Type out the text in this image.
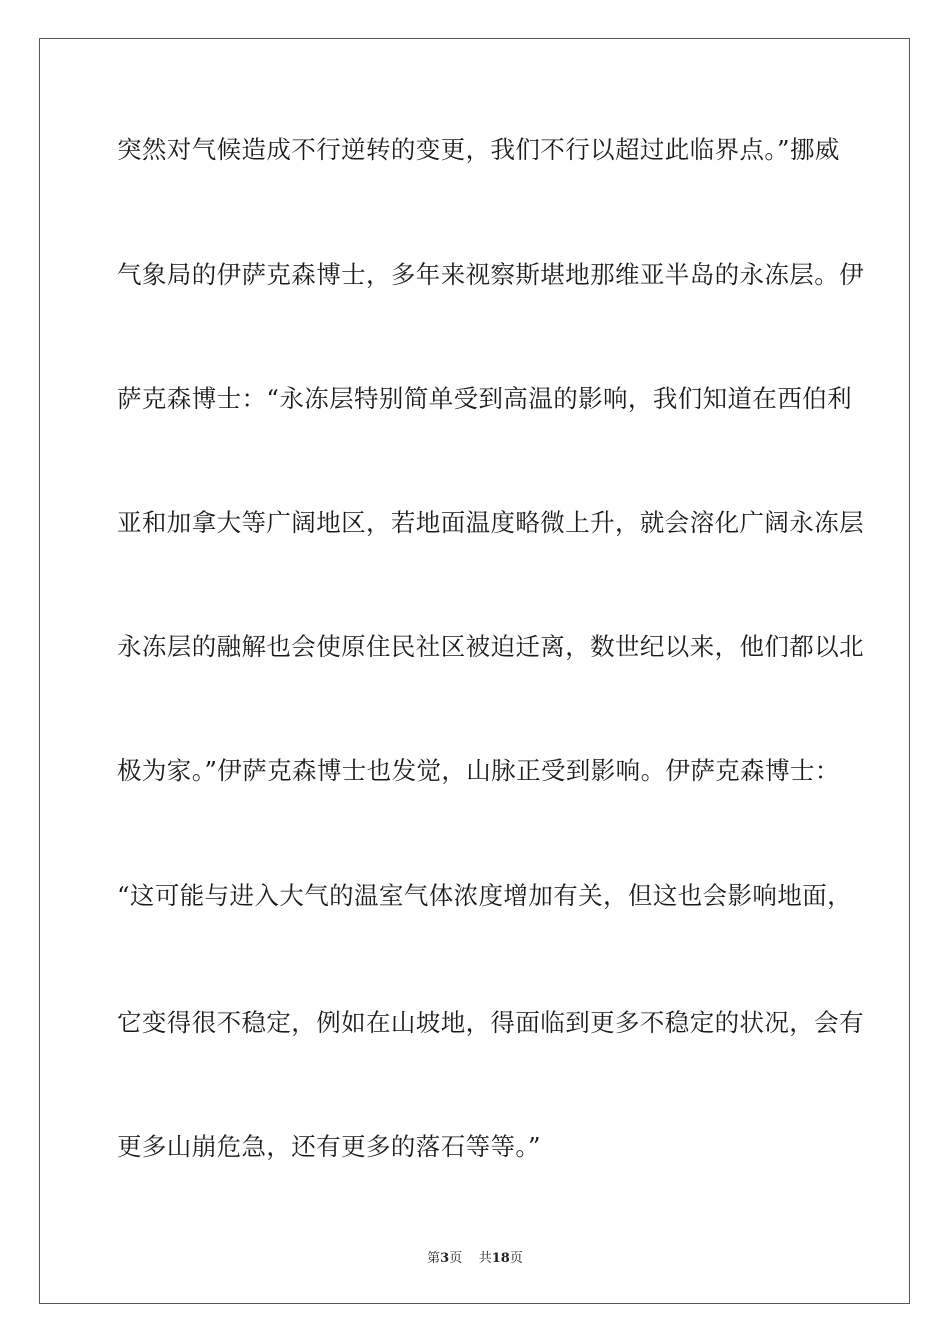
突然对气候造成不行逆转的变更，我们不行以超过此临界点。”挪威
气象局的伊萨克森博士，多年来视察斯堪地那维亚半岛的永冻层。伊
萨克森博士：“永冻层特别简单受到高温的影响，我们知道在西伯利
亚和加拿大等广阔地区，若地面温度略微上升，就会溶化广阔永冻层
永冻层的融解也会使原住民社区被迫迁离，数世纪以来，他们都以北
极为家。”伊萨克森博士也发觉，山脉正受到影响。伊萨克森博士：
“这可能与进入大气的温室气体浓度增加有关，但这也会影响地面，
它变得很不稳定，例如在山坡地，得面临到更多不稳定的状况，会有
更多山崩危急，还有更多的落石等等。”
第3页 共18页
